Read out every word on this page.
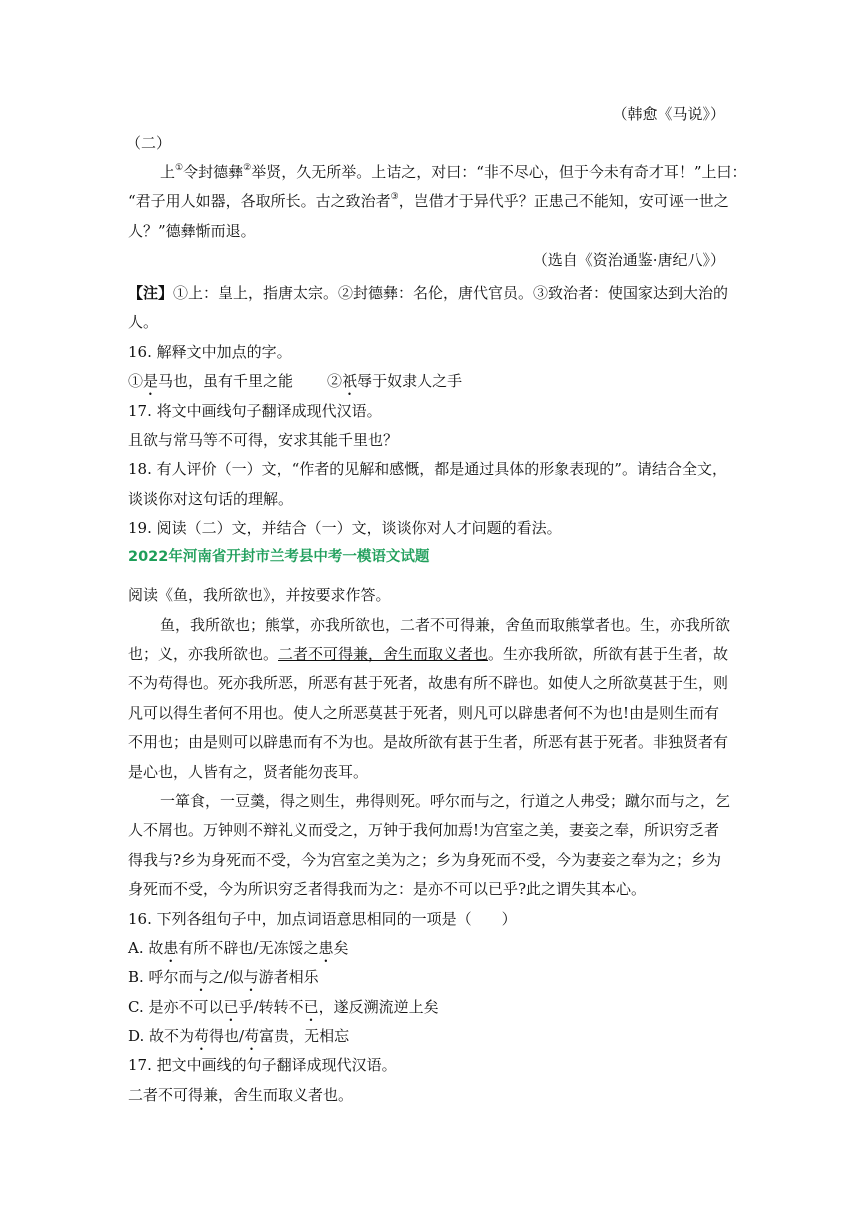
（韩愈《马说》）
（二）
上①令封德彝②举贤，久无所举。上诘之，对曰：“非不尽心，但于今未有奇才耳！”上曰：
“君子用人如器，各取所长。古之致治者③，岂借才于异代乎？正患己不能知，安可诬一世之
人？”德彝惭而退。
（选自《资治通鉴·唐纪八》）
【注】①上：皇上，指唐太宗。②封德彝：名伦，唐代官员。③致治者：使国家达到大治的
人。
16. 解释文中加点的字。
①是马也，虽有千里之能 ②祇辱于奴隶人之手
17. 将文中画线句子翻译成现代汉语。
且欲与常马等不可得，安求其能千里也？
18. 有人评价（一）文，“作者的见解和感慨，都是通过具体的形象表现的”。请结合全文，
谈谈你对这句话的理解。
19. 阅读（二）文，并结合（一）文，谈谈你对人才问题的看法。
2022年河南省开封市兰考县中考一模语文试题
阅读《鱼，我所欲也》，并按要求作答。
鱼，我所欲也；熊掌，亦我所欲也，二者不可得兼，舍鱼而取熊掌者也。生，亦我所欲
也；义，亦我所欲也。二者不可得兼，舍生而取义者也。生亦我所欲，所欲有甚于生者，故
不为苟得也。死亦我所恶，所恶有甚于死者，故患有所不辟也。如使人之所欲莫甚于生，则
凡可以得生者何不用也。使人之所恶莫甚于死者，则凡可以辟患者何不为也!由是则生而有
不用也；由是则可以辟患而有不为也。是故所欲有甚于生者，所恶有甚于死者。非独贤者有
是心也，人皆有之，贤者能勿丧耳。
一箪食，一豆羹，得之则生，弗得则死。呼尔而与之，行道之人弗受；蹴尔而与之，乞
人不屑也。万钟则不辩礼义而受之，万钟于我何加焉!为宫室之美，妻妾之奉，所识穷乏者
得我与?乡为身死而不受，今为宫室之美为之；乡为身死而不受，今为妻妾之奉为之；乡为
身死而不受，今为所识穷乏者得我而为之：是亦不可以已乎?此之谓失其本心。
16. 下列各组句子中，加点词语意思相同的一项是（　　）
A. 故患有所不辟也/无冻馁之患矣
B. 呼尔而与之/似与游者相乐
C. 是亦不可以已乎/转转不已，遂反溯流逆上矣
D. 故不为苟得也/苟富贵，无相忘
17. 把文中画线的句子翻译成现代汉语。
二者不可得兼，舍生而取义者也。
